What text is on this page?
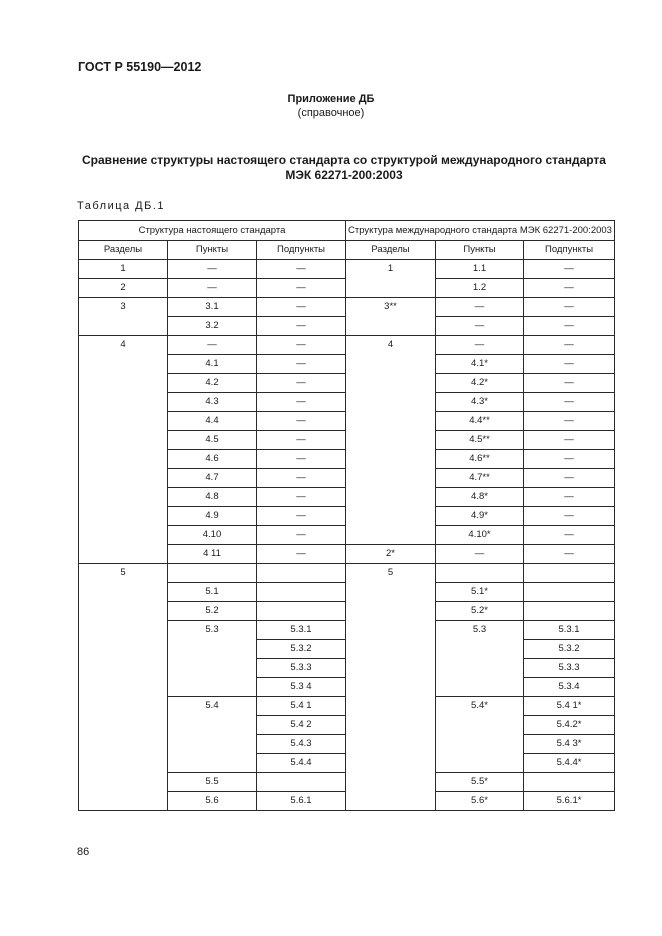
ГОСТ Р 55190—2012
Приложение ДБ
(справочное)
Сравнение структуры настоящего стандарта со структурой международного стандарта
МЭК 62271-200:2003
Таблица ДБ.1
Структура настоящего стандарта			Структура международного стандарта МЭК 62271-200:2003		
Разделы	Пункты	Подпункты	Разделы	Пункты	Подпункты
1	—	—	1	1.1	—
2	—	—		1.2	—
3	3.1	—	3**	—	—
	3.2	—		—	—
4	—	—	4	—	—
	4.1	—		4.1*	—
	4.2	—		4.2*	—
	4.3	—		4.3*	—
	4.4	—		4.4**	—
	4.5	—		4.5**	—
	4.6	—		4.6**	—
	4.7	—		4.7**	—
	4.8	—		4.8*	—
	4.9	—		4.9*	—
	4.10	—		4.10*	—
	4 11	—	2*	—	—
5			5		
	5.1			5.1*	
	5.2			5.2*	
	5.3	5.3.1		5.3	5.3.1
		5.3.2			5.3.2
		5.3.3			5.3.3
		5.3 4			5.3.4
	5.4	5.4 1		5.4*	5.4 1*
		5.4 2			5.4.2*
		5.4.3			5.4 3*
		5.4.4			5.4.4*
	5.5			5.5*	
	5.6	5.6.1		5.6*	5.6.1*
86
